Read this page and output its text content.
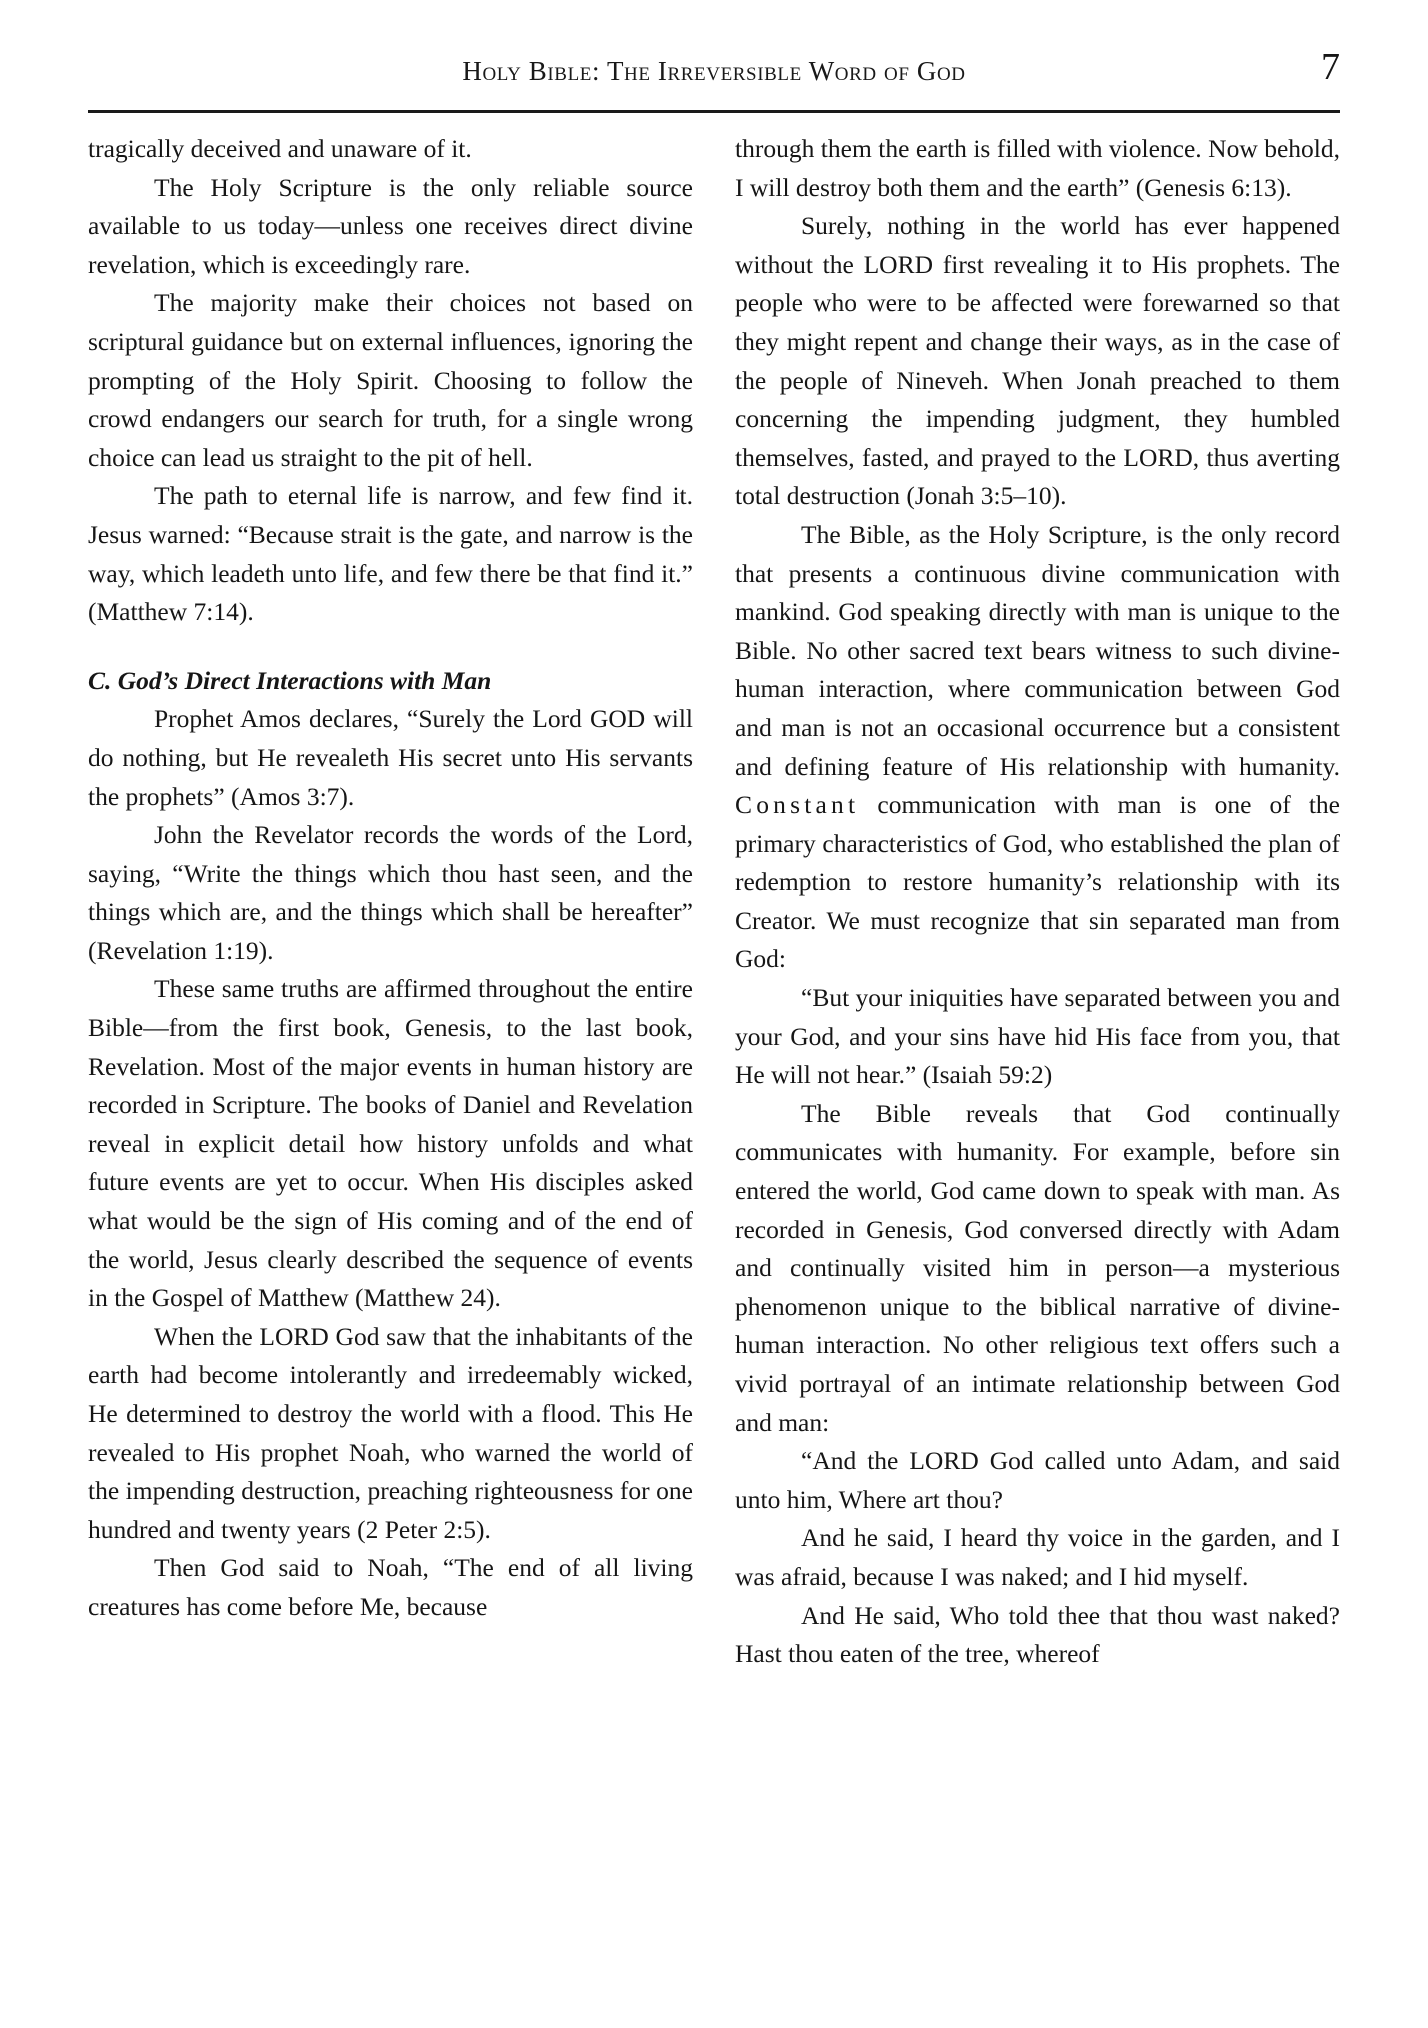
Holy Bible: The Irreversible Word of God	7

tragically deceived and unaware of it.

The Holy Scripture is the only reliable source available to us today—unless one receives direct divine revelation, which is exceedingly rare.

The majority make their choices not based on scriptural guidance but on external influences, ignoring the prompting of the Holy Spirit. Choosing to follow the crowd endangers our search for truth, for a single wrong choice can lead us straight to the pit of hell.

The path to eternal life is narrow, and few find it. Jesus warned: “Because strait is the gate, and narrow is the way, which leadeth unto life, and few there be that find it.” (Matthew 7:14).

C. God’s Direct Interactions with Man

Prophet Amos declares, “Surely the Lord GOD will do nothing, but He revealeth His secret unto His servants the prophets” (Amos 3:7).

John the Revelator records the words of the Lord, saying, “Write the things which thou hast seen, and the things which are, and the things which shall be hereafter” (Revelation 1:19).

These same truths are affirmed throughout the entire Bible—from the first book, Genesis, to the last book, Revelation. Most of the major events in human history are recorded in Scripture. The books of Daniel and Revelation reveal in explicit detail how history unfolds and what future events are yet to occur. When His disciples asked what would be the sign of His coming and of the end of the world, Jesus clearly described the sequence of events in the Gospel of Matthew (Matthew 24).

When the LORD God saw that the inhabitants of the earth had become intolerantly and irredeemably wicked, He determined to destroy the world with a flood. This He revealed to His prophet Noah, who warned the world of the impending destruction, preaching righteousness for one hundred and twenty years (2 Peter 2:5).

Then God said to Noah, “The end of all living creatures has come before Me, because

through them the earth is filled with violence. Now behold, I will destroy both them and the earth” (Genesis 6:13).

Surely, nothing in the world has ever happened without the LORD first revealing it to His prophets. The people who were to be affected were forewarned so that they might repent and change their ways, as in the case of the people of Nineveh. When Jonah preached to them concerning the impending judgment, they humbled themselves, fasted, and prayed to the LORD, thus averting total destruction (Jonah 3:5–10).

The Bible, as the Holy Scripture, is the only record that presents a continuous divine communication with mankind. God speaking directly with man is unique to the Bible. No other sacred text bears witness to such divine-human interaction, where communication between God and man is not an occasional occurrence but a consistent and defining feature of His relationship with humanity. Constant communication with man is one of the primary characteristics of God, who established the plan of redemption to restore humanity’s relationship with its Creator. We must recognize that sin separated man from God:

“But your iniquities have separated between you and your God, and your sins have hid His face from you, that He will not hear.” (Isaiah 59:2)

The Bible reveals that God continually communicates with humanity. For example, before sin entered the world, God came down to speak with man. As recorded in Genesis, God conversed directly with Adam and continually visited him in person—a mysterious phenomenon unique to the biblical narrative of divine-human interaction. No other religious text offers such a vivid portrayal of an intimate relationship between God and man:

“And the LORD God called unto Adam, and said unto him, Where art thou?

And he said, I heard thy voice in the garden, and I was afraid, because I was naked; and I hid myself.

And He said, Who told thee that thou wast naked? Hast thou eaten of the tree, whereof
